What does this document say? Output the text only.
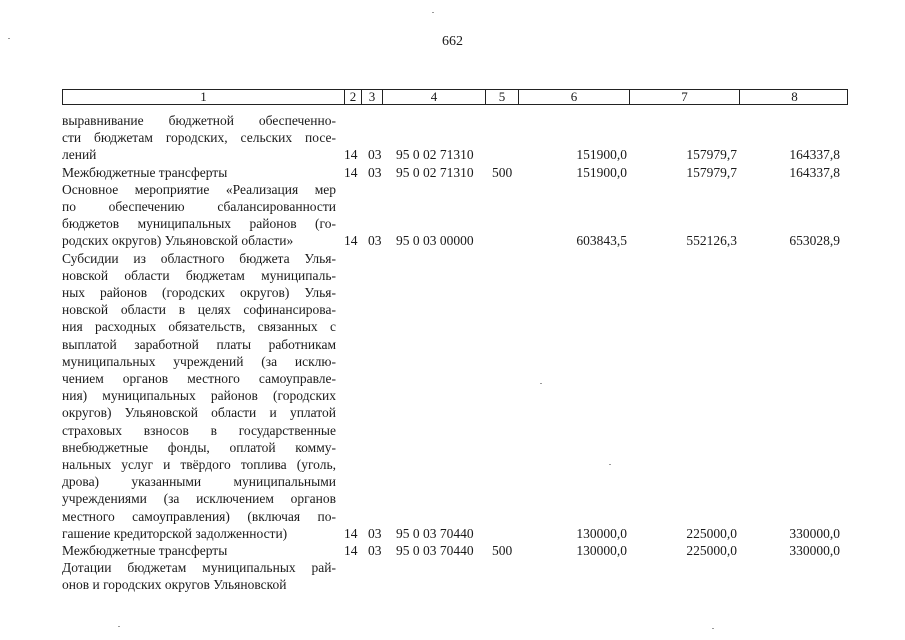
662
1	2 3	4	5	6	7	8
выравнивание бюджетной обеспеченно-
сти бюджетам городских, сельских посе-
лений	14 03 95 0 02 71310	151900,0	157979,7	164337,8
Межбюджетные трансферты	14 03 95 0 02 71310 500	151900,0	157979,7	164337,8
Основное мероприятие «Реализация мер
по обеспечению сбалансированности
бюджетов муниципальных районов (го-
родских округов) Ульяновской области»	14 03 95 0 03 00000	603843,5	552126,3	653028,9
Субсидии из областного бюджета Улья-
новской области бюджетам муниципаль-
ных районов (городских округов) Улья-
новской области в целях софинансирова-
ния расходных обязательств, связанных с
выплатой заработной платы работникам
муниципальных учреждений (за исклю-
чением органов местного самоуправле-
ния) муниципальных районов (городских
округов) Ульяновской области и уплатой
страховых взносов в государственные
внебюджетные фонды, оплатой комму-
нальных услуг и твёрдого топлива (уголь,
дрова) указанными муниципальными
учреждениями (за исключением органов
местного самоуправления) (включая по-
гашение кредиторской задолженности)	14 03 95 0 03 70440	130000,0	225000,0	330000,0
Межбюджетные трансферты	14 03 95 0 03 70440 500	130000,0	225000,0	330000,0
Дотации бюджетам муниципальных рай-
онов и городских округов Ульяновской
